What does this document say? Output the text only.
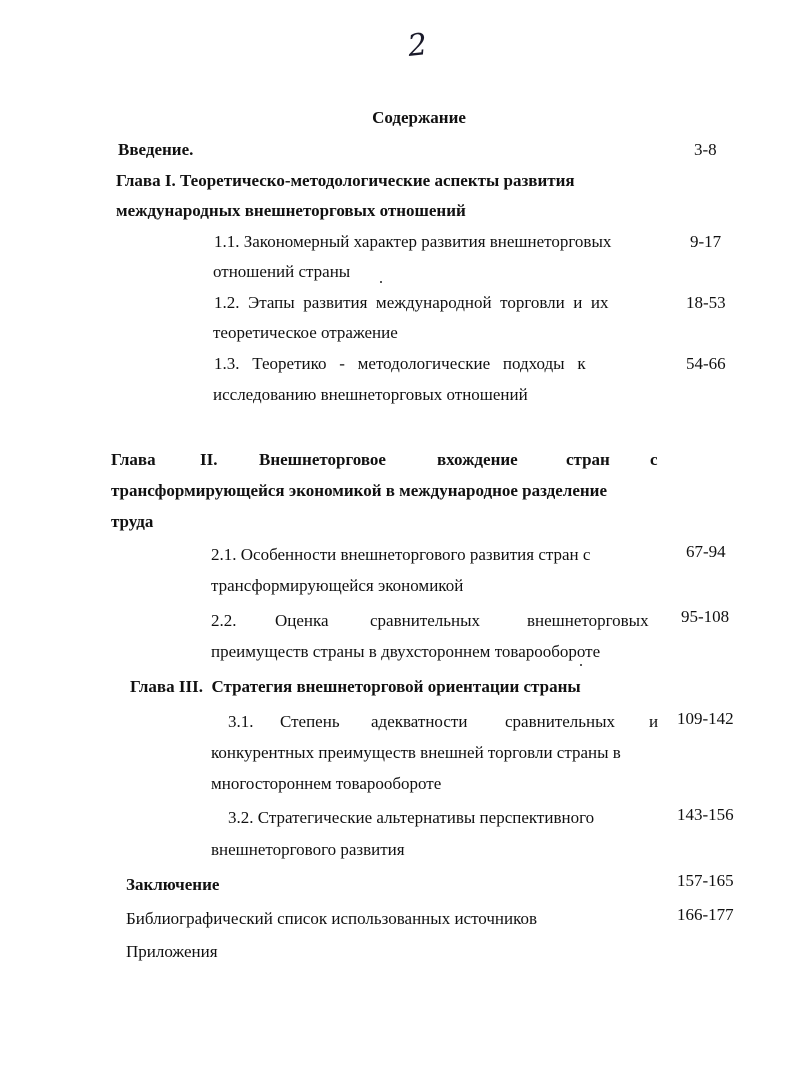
2
Содержание
Введение.	3-8
Глава I. Теоретическо-методологические аспекты развития
международных внешнеторговых отношений
1.1. Закономерный характер развития внешнеторговых
отношений страны
9-17
1.2.  Этапы  развития  международной  торговли  и  их
теоретическое отражение
18-53
1.3.   Теоретико   -   методологические   подходы   к
исследованию внешнеторговых отношений
54-66
Глава	II. Внешнеторговое	вхождение	стран с
трансформирующейся экономикой в международное разделение
труда
2.1. Особенности внешнеторгового развития стран с
трансформирующейся экономикой
67-94
2.2. Оценка сравнительных	внешнеторговых
преимуществ страны в двухстороннем товарообороте
95-108
Глава III.  Стратегия внешнеторговой ориентации страны
3.1. Степень адекватности сравнительных и
конкурентных преимуществ внешней торговли страны в
многостороннем товарообороте
109-142
3.2. Стратегические альтернативы перспективного
внешнеторгового развития
143-156
Заключение	157-165
Библиографический список использованных источников	166-177
Приложения
